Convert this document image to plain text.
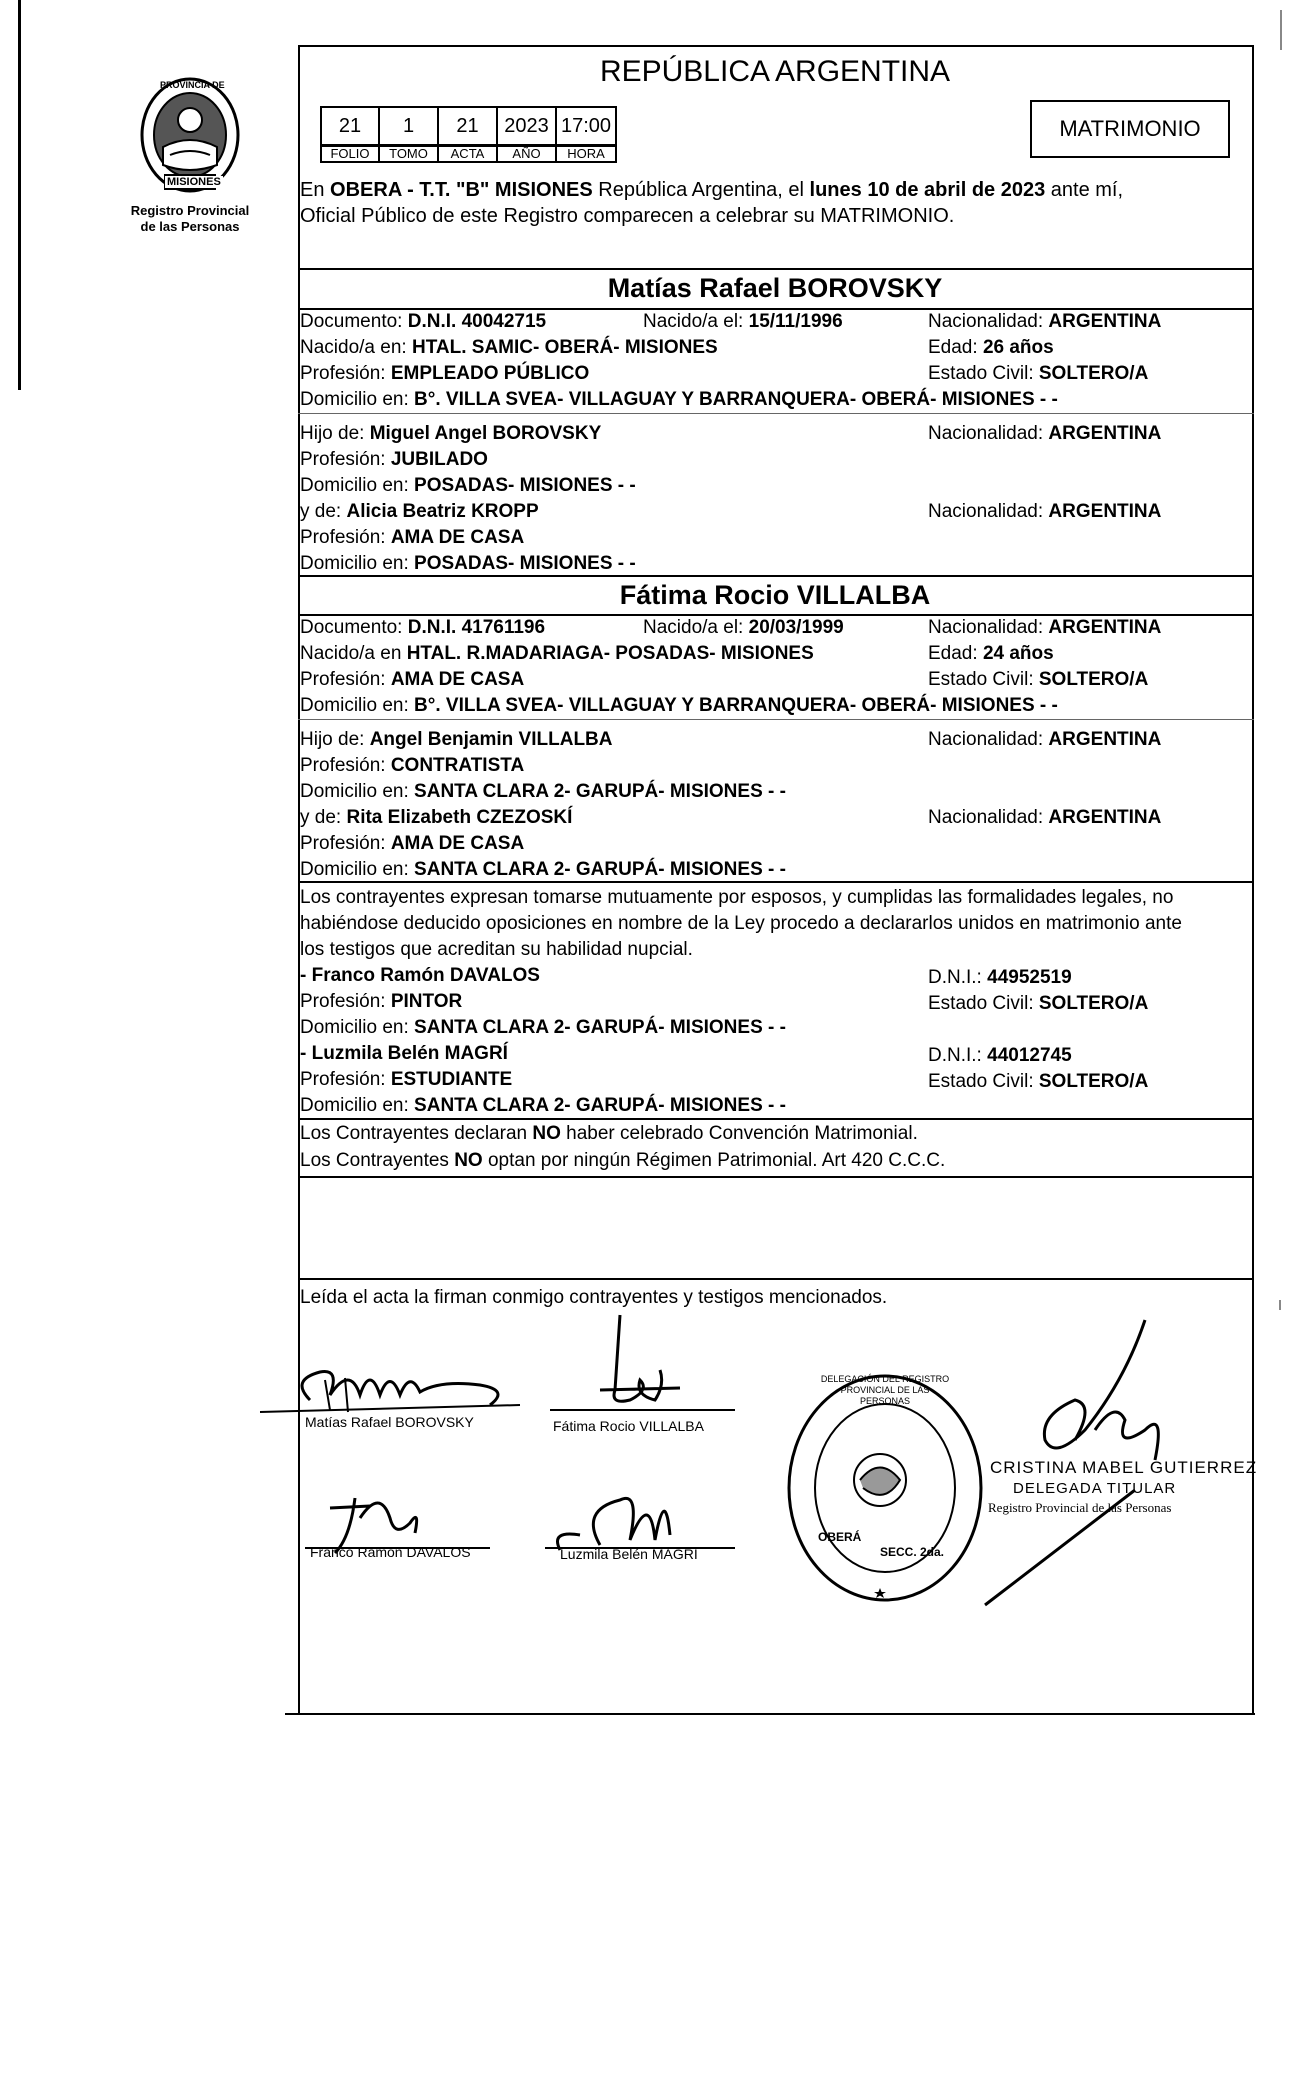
PROVINCIA DE
MISIONES
Registro Provincial
de las Personas
REPÚBLICA ARGENTINA
21	1	21	2023 17:00
FOLIO	TOMO	ACTA	AÑO	HORA
MATRIMONIO
En OBERA - T.T. "B" MISIONES República Argentina, el lunes 10 de abril de 2023 ante mí,
Oficial Público de este Registro comparecen a celebrar su MATRIMONIO.
Matías Rafael BOROVSKY
Documento: D.N.I. 40042715	Nacido/a el: 15/11/1996	Nacionalidad: ARGENTINA
Nacido/a en: HTAL. SAMIC- OBERÁ- MISIONES	Edad: 26 años
Profesión: EMPLEADO PÚBLICO	Estado Civil: SOLTERO/A
Domicilio en: B°. VILLA SVEA- VILLAGUAY Y BARRANQUERA- OBERÁ- MISIONES - -
Hijo de: Miguel Angel BOROVSKY	Nacionalidad: ARGENTINA
Profesión: JUBILADO
Domicilio en: POSADAS- MISIONES - -
y de: Alicia Beatriz KROPP	Nacionalidad: ARGENTINA
Profesión: AMA DE CASA
Domicilio en: POSADAS- MISIONES - -
Fátima Rocio VILLALBA
Documento: D.N.I. 41761196	Nacido/a el: 20/03/1999	Nacionalidad: ARGENTINA
Nacido/a en HTAL. R.MADARIAGA- POSADAS- MISIONES	Edad: 24 años
Profesión: AMA DE CASA	Estado Civil: SOLTERO/A
Domicilio en: B°. VILLA SVEA- VILLAGUAY Y BARRANQUERA- OBERÁ- MISIONES - -
Hijo de: Angel Benjamin VILLALBA	Nacionalidad: ARGENTINA
Profesión: CONTRATISTA
Domicilio en: SANTA CLARA 2- GARUPÁ- MISIONES - -
y de: Rita Elizabeth CZEZOSKÍ	Nacionalidad: ARGENTINA
Profesión: AMA DE CASA
Domicilio en: SANTA CLARA 2- GARUPÁ- MISIONES - -
Los contrayentes expresan tomarse mutuamente por esposos, y cumplidas las formalidades legales, no
habiéndose deducido oposiciones en nombre de la Ley procedo a declararlos unidos en matrimonio ante
los testigos que acreditan su habilidad nupcial.
- Franco Ramón DAVALOS	D.N.I.: 44952519
Profesión: PINTOR	Estado Civil: SOLTERO/A
Domicilio en: SANTA CLARA 2- GARUPÁ- MISIONES - -
- Luzmila Belén MAGRÍ	D.N.I.: 44012745
Profesión: ESTUDIANTE	Estado Civil: SOLTERO/A
Domicilio en: SANTA CLARA 2- GARUPÁ- MISIONES - -
Los Contrayentes declaran NO haber celebrado Convención Matrimonial.
Los Contrayentes NO optan por ningún Régimen Patrimonial. Art 420 C.C.C.
Leída el acta la firman conmigo contrayentes y testigos mencionados.
Matías Rafael BOROVSKY	Fátima Rocio VILLALBA
Franco Ramón DAVALOS	Luzmila Belén MAGRÍ
DELEGACIÓN DEL REGISTRO PROVINCIAL DE LAS PERSONAS
OBERÁ
SECC. 2da.
CRISTINA MABEL GUTIERREZ
DELEGADA TITULAR
Registro Provincial de las Personas
